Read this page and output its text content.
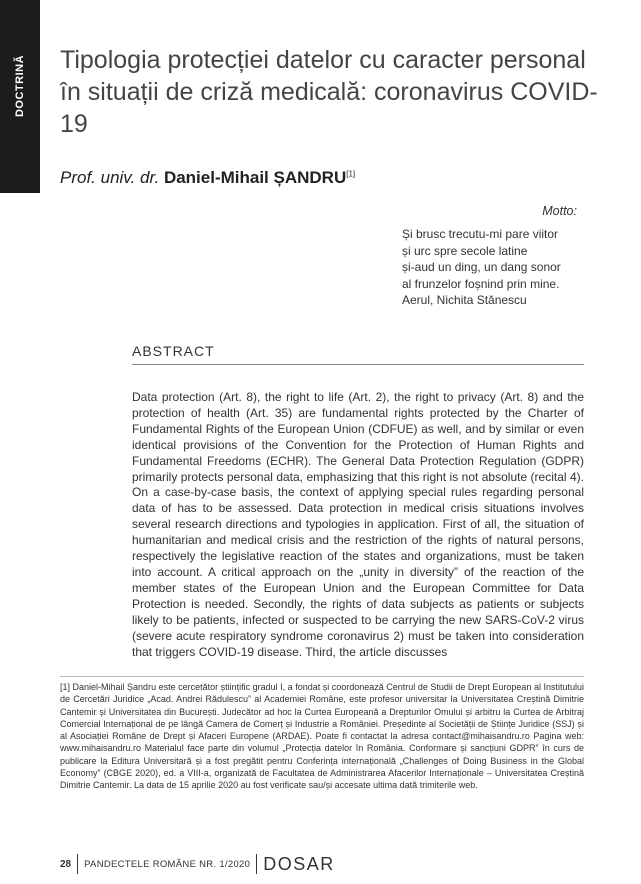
DOCTRINĂ Tipologia protecției datelor cu caracter personal în situații de criză medicală: coronavirus COVID-19
Prof. univ. dr. Daniel-Mihail ȘANDRU[1]
Motto:
Și brusc trecutu-mi pare viitor
și urc spre secole latine
și-aud un ding, un dang sonor
al frunzelor foșnind prin mine.
Aerul, Nichita Stănescu
ABSTRACT

Data protection (Art. 8), the right to life (Art. 2), the right to privacy (Art. 8) and the protection of health (Art. 35) are fundamental rights protected by the Charter of Fundamental Rights of the European Union (CDFUE) as well, and by similar or even identical provisions of the Convention for the Protection of Human Rights and Fundamental Freedoms (ECHR). The General Data Protection Regulation (GDPR) primarily protects personal data, emphasizing that this right is not absolute (recital 4). On a case-by-case basis, the context of applying special rules regarding personal data of has to be assessed. Data protection in medical crisis situations involves several research directions and typologies in application. First of all, the situation of humanitarian and medical crisis and the restriction of the rights of natural persons, respectively the legislative reaction of the states and organizations, must be taken into account. A critical approach on the „unity in diversity” of the reaction of the member states of the European Union and the European Committee for Data Protection is needed. Secondly, the rights of data subjects as patients or subjects likely to be patients, infected or suspected to be carrying the new SARS-CoV-2 virus (severe acute respiratory syndrome coronavirus 2) must be taken into consideration that triggers COVID-19 disease. Third, the article discusses

[1] Daniel-Mihail Șandru este cercetător științific gradul I, a fondat și coordonează Centrul de Studii de Drept European al Institutului de Cercetări Juridice „Acad. Andrei Rădulescu” al Academiei Române, este profesor universitar la Universitatea Creștină Dimitrie Cantemir și Universitatea din București. Judecător ad hoc la Curtea Europeană a Drepturilor Omului și arbitru la Curtea de Arbitraj Comercial Internațional de pe lângă Camera de Comerț și Industrie a României. Președinte al Societății de Științe Juridice (SSJ) și al Asociației Române de Drept și Afaceri Europene (ARDAE). Poate fi contactat la adresa contact@mihaisandru.ro Pagina web: www.mihaisandru.ro Materialul face parte din volumul „Protecția datelor în România. Conformare și sancțiuni GDPR” în curs de publicare la Editura Universitară și a fost pregătit pentru Conferința internațională „Challenges of Doing Business in the Global Economy” (CBGE 2020), ed. a VIII-a, organizată de Facultatea de Administrarea Afacerilor Internaționale – Universitatea Creștină Dimitrie Cantemir. La data de 15 aprilie 2020 au fost verificate sau/și accesate ultima dată trimiterile web.

28 PANDECTELE ROMÂNE NR. 1/2020 DOSAR
